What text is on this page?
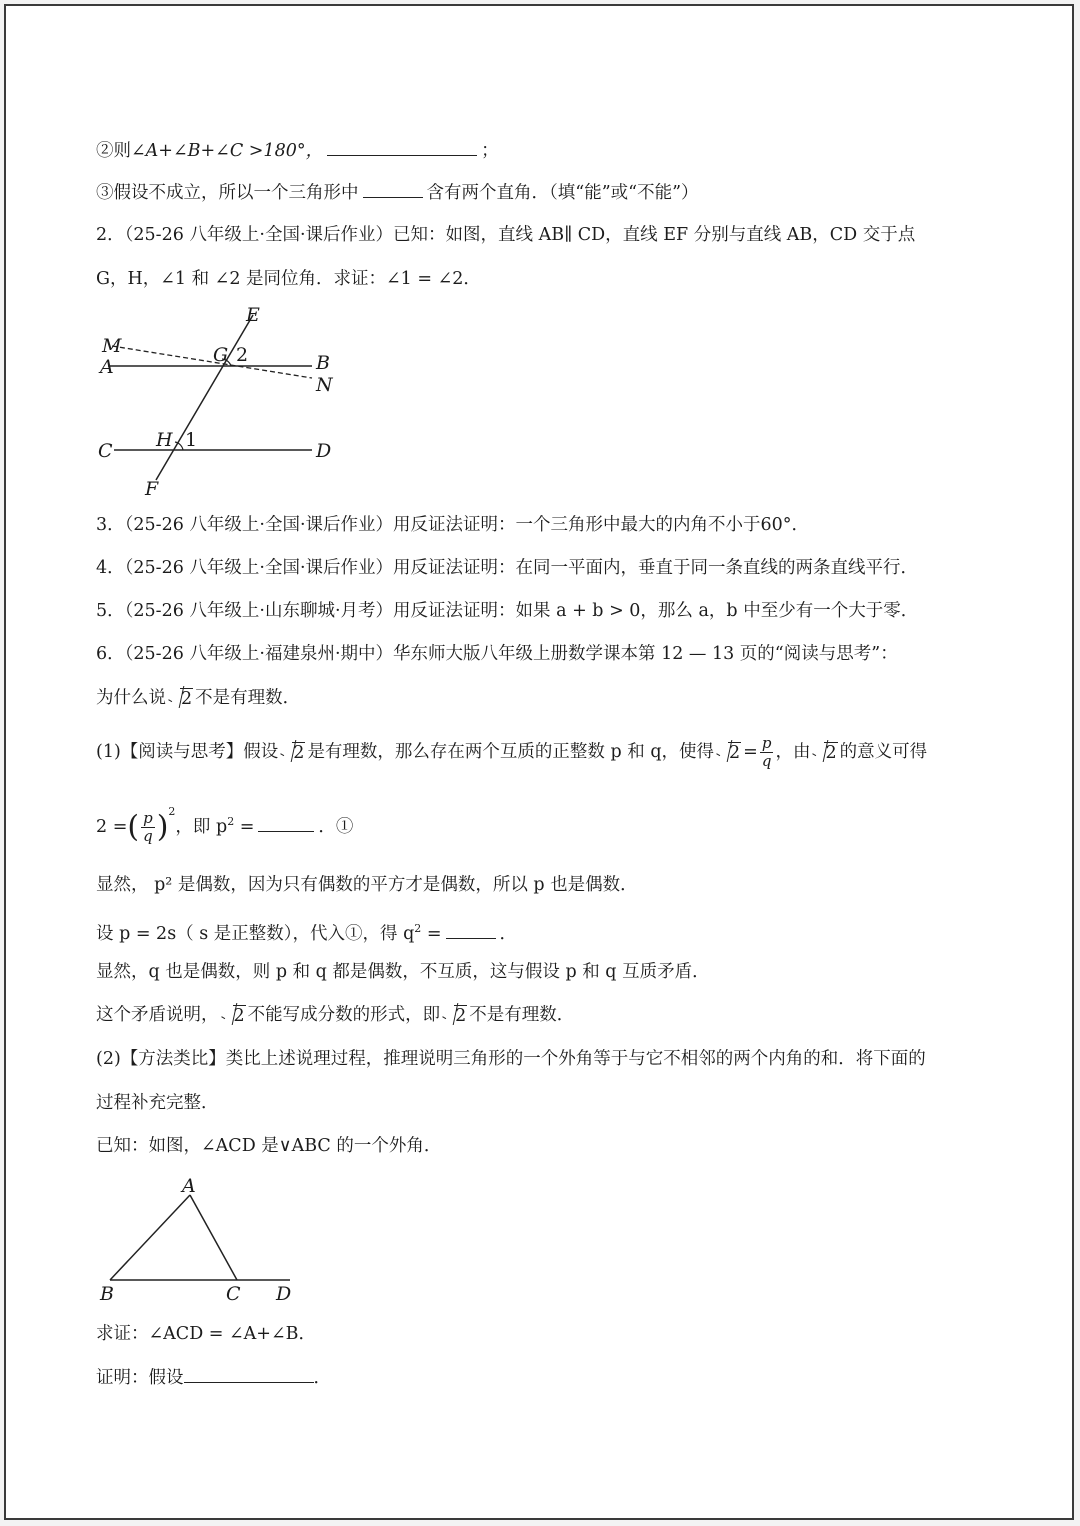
②则∠A+∠B+∠C >180°，	；
③假设不成立，所以一个三角形中	含有两个直角．（填“能”或“不能”）
2．（25-26 八年级上·全国·课后作业）已知：如图，直线 AB∥ CD，直线 EF 分别与直线 AB，CD 交于点
G，H，∠1 和 ∠2 是同位角．求证：∠1 = ∠2．
E
M	G 2	B
A
N
H 1
C	D
F
3．（25-26 八年级上·全国·课后作业）用反证法证明：一个三角形中最大的内角不小于60°．
4．（25-26 八年级上·全国·课后作业）用反证法证明：在同一平面内，垂直于同一条直线的两条直线平行．
5．（25-26 八年级上·山东聊城·月考）用反证法证明：如果 a + b > 0，那么 a，b 中至少有一个大于零．
6．（25-26 八年级上·福建泉州·期中）华东师大版八年级上册数学课本第 12 — 13 页的“阅读与思考”：
为什么说 2 不是有理数．
(1)【阅读与思考】假设 2 是有理数，那么存在两个互质的正整数 p 和 q，使得 $2 = \frac{p}{q}$ ，由 2 的意义可得
2 =( $\frac{p}{q} )^2$，即 $p^2$ =	．①
显然， p² 是偶数，因为只有偶数的平方才是偶数，所以 p 也是偶数．
设 p = 2s（ s 是正整数），代入①，得 $q^2$ =	．
显然，q 也是偶数，则 p 和 q 都是偶数，不互质，这与假设 p 和 q 互质矛盾．
这个矛盾说明， 2 不能写成分数的形式，即 2 不是有理数．
(2)【方法类比】类比上述说理过程，推理说明三角形的一个外角等于与它不相邻的两个内角的和．将下面的
过程补充完整．
已知：如图，∠ACD 是∨ABC 的一个外角．
A
B	C D
求证：∠ACD = ∠A+∠B．
证明：假设	．
